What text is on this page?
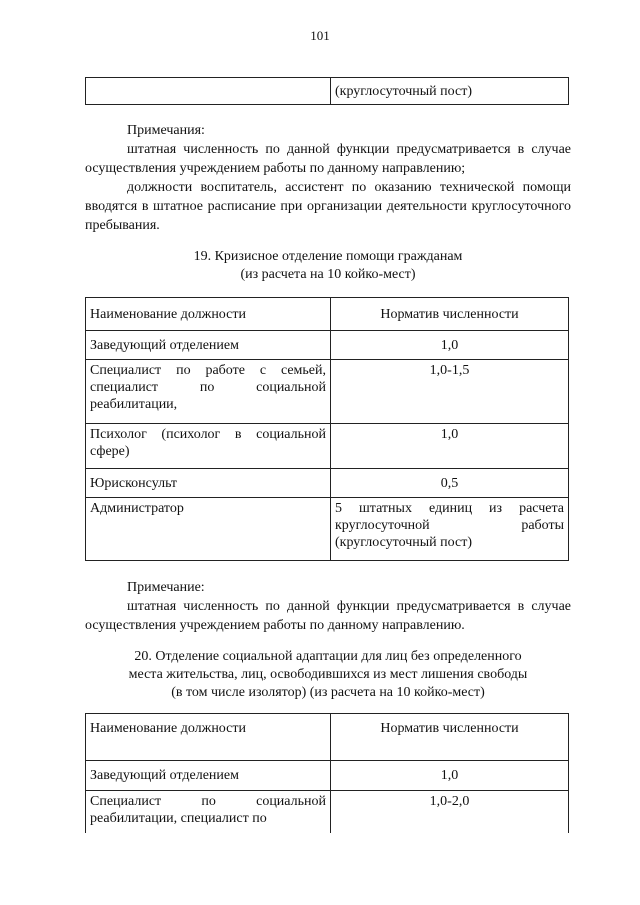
101
	(круглосуточный пост)

Примечания:

штатная численность по данной функции предусматривается в случае осуществления учреждением работы по данному направлению;

должности воспитатель, ассистент по оказанию технической помощи вводятся в штатное расписание при организации деятельности круглосуточного пребывания.

19. Кризисное отделение помощи гражданам
(из расчета на 10 койко-мест)
Наименование должности	Норматив численности
Заведующий отделением	1,0
Специалист по работе с семьей, специалист по социальной реабилитации,	1,0-1,5
Психолог (психолог в социальной сфере)	1,0
Юрисконсульт	0,5
Администратор	5 штатных единиц из расчета круглосуточной работы (круглосуточный пост)

Примечание:

штатная численность по данной функции предусматривается в случае осуществления учреждением работы по данному направлению.

20. Отделение социальной адаптации для лиц без определенного
места жительства, лиц, освободившихся из мест лишения свободы
(в том числе изолятор) (из расчета на 10 койко-мест)
Наименование должности	Норматив численности
Заведующий отделением	1,0
Специалист по социальной реабилитации, специалист по	1,0-2,0
